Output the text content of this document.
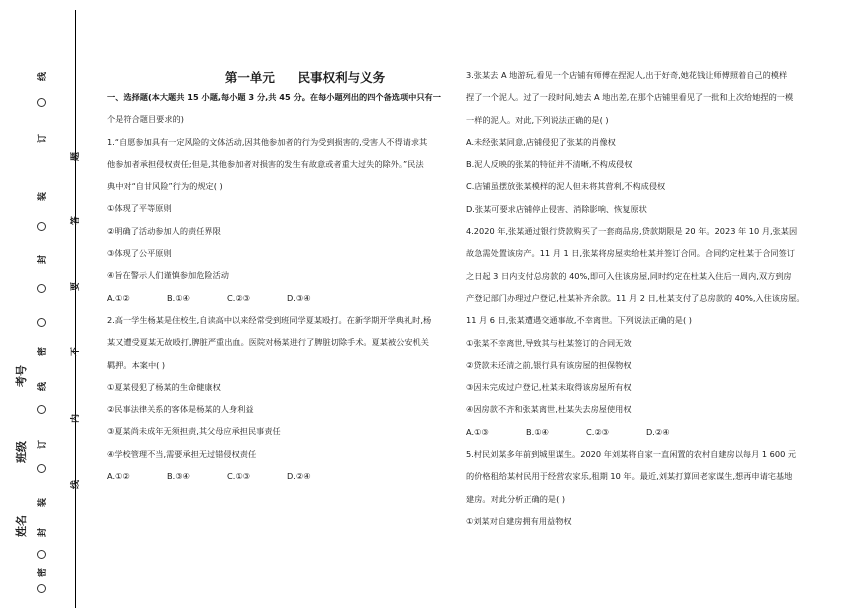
线
订
装
封
密
线
订
装
封
密
题
答
要
不
内
线
考号
班级
姓名
第一单元 民事权利与义务

一、选择题(本大题共 15 小题,每小题 3 分,共 45 分。在每小题列出的四个备选项中只有一

个是符合题目要求的)

1.“自愿参加具有一定风险的文体活动,因其他参加者的行为受到损害的,受害人不得请求其

他参加者承担侵权责任;但是,其他参加者对损害的发生有故意或者重大过失的除外。”民法

典中对“自甘风险”行为的规定( )

①体现了平等原则

②明确了活动参加人的责任界限

③体现了公平原则

④旨在警示人们谨慎参加危险活动

A.①②	B.①④	C.②③	D.③④

2.高一学生杨某是住校生,自读高中以来经常受到班同学夏某殴打。在新学期开学典礼时,杨

某又遭受夏某无故殴打,脾脏严重出血。医院对杨某进行了脾脏切除手术。夏某被公安机关

羁押。本案中( )

①夏某侵犯了杨某的生命健康权

②民事法律关系的客体是杨某的人身利益

③夏某尚未成年无须担责,其父母应承担民事责任

④学校管理不当,需要承担无过错侵权责任

A.①②	B.③④	C.①③	D.②④

3.张某去 A 地游玩,看见一个店铺有师傅在捏泥人,出于好奇,她花钱让师傅照着自己的模样

捏了一个泥人。过了一段时间,她去 A 地出差,在那个店铺里看见了一批和上次给她捏的一模

一样的泥人。对此,下列说法正确的是( )

A.未经张某同意,店铺侵犯了张某的肖像权

B.泥人反映的张某的特征并不清晰,不构成侵权

C.店铺虽摆放张某模样的泥人但未将其营利,不构成侵权

D.张某可要求店铺停止侵害、消除影响、恢复原状

4.2020 年,张某通过银行贷款购买了一套商品房,贷款期限是 20 年。2023 年 10 月,张某因

故急需处置该房产。11 月 1 日,张某将房屋卖给杜某并签订合同。合同约定杜某于合同签订

之日起 3 日内支付总房款的 40%,即可入住该房屋,同时约定在杜某入住后一周内,双方到房

产登记部门办理过户登记,杜某补齐余款。11 月 2 日,杜某支付了总房款的 40%,入住该房屋。

11 月 6 日,张某遭遇交通事故,不幸离世。下列说法正确的是( )

①张某不幸离世,导致其与杜某签订的合同无效

②贷款未还清之前,银行具有该房屋的担保物权

③因未完成过户登记,杜某未取得该房屋所有权

④因房款不齐和张某离世,杜某失去房屋使用权

A.①③	B.①④	C.②③	D.②④

5.村民刘某多年前到城里谋生。2020 年刘某将自家一直闲置的农村自建房以每月 1 600 元

的价格租给某村民用于经营农家乐,租期 10 年。最近,刘某打算回老家谋生,想再申请宅基地

建房。对此分析正确的是( )

①刘某对自建房拥有用益物权
